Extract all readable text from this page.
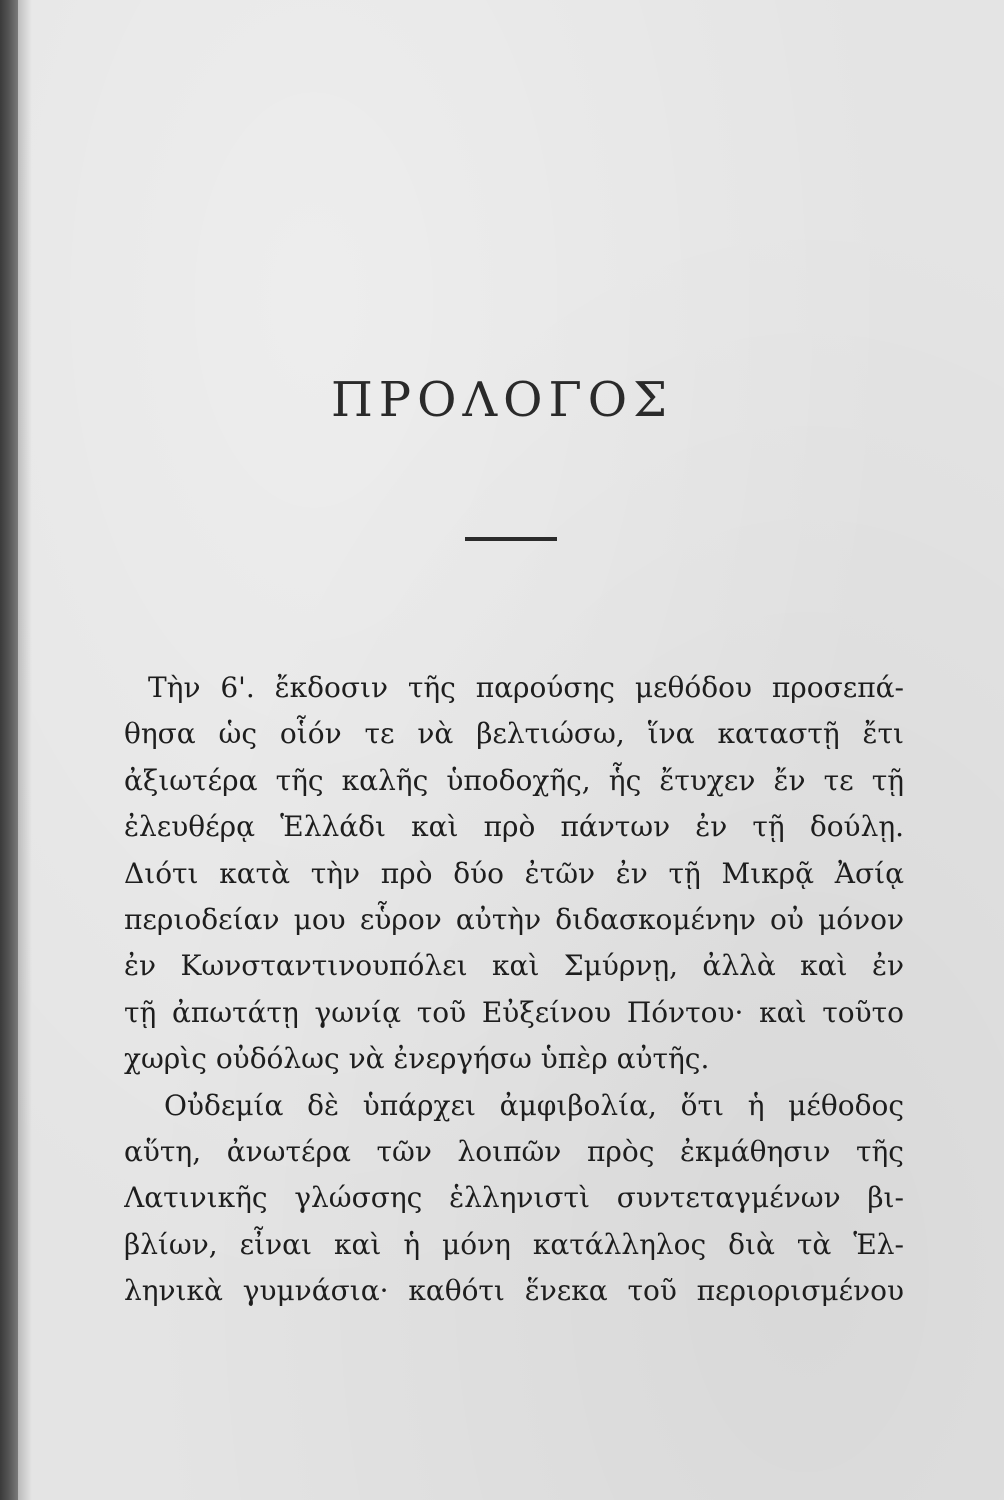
ΠΡΟΛΟΓΟΣ
Τὴν 6'. ἔκδοσιν τῆς παρούσης μεθόδου προσεπά-
θησα ὡς οἷόν τε νὰ βελτιώσω, ἵνα καταστῇ ἔτι
ἀξιωτέρα τῆς καλῆς ὑποδοχῆς, ἧς ἔτυχεν ἔν τε τῇ
ἐλευθέρᾳ Ἑλλάδι καὶ πρὸ πάντων ἐν τῇ δούλῃ.
Διότι κατὰ τὴν πρὸ δύο ἐτῶν ἐν τῇ Μικρᾷ Ἀσίᾳ
περιοδείαν μου εὗρον αὐτὴν διδασκομένην οὐ μόνον
ἐν Κωνσταντινουπόλει καὶ Σμύρνῃ, ἀλλὰ καὶ ἐν
τῇ ἀπωτάτῃ γωνίᾳ τοῦ Εὐξείνου Πόντου· καὶ τοῦτο
χωρὶς οὐδόλως νὰ ἐνεργήσω ὑπὲρ αὐτῆς.
Οὐδεμία δὲ ὑπάρχει ἀμφιβολία, ὅτι ἡ μέθοδος
αὕτη, ἀνωτέρα τῶν λοιπῶν πρὸς ἐκμάθησιν τῆς
Λατινικῆς γλώσσης ἑλληνιστὶ συντεταγμένων βι-
βλίων, εἶναι καὶ ἡ μόνη κατάλληλος διὰ τὰ Ἑλ-
ληνικὰ γυμνάσια· καθότι ἕνεκα τοῦ περιορισμένου
